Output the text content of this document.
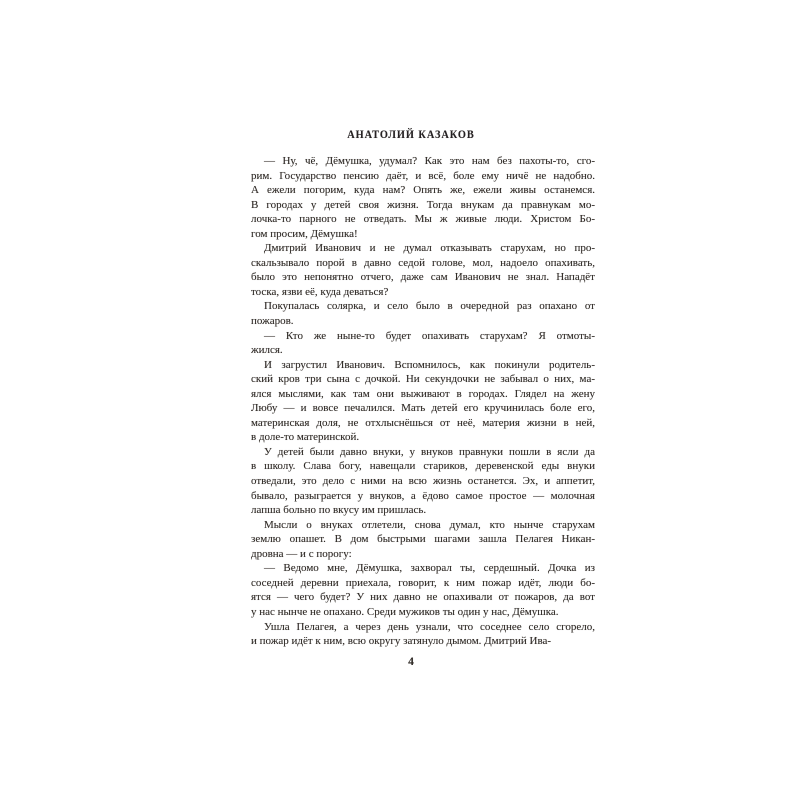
АНАТОЛИЙ КАЗАКОВ

— Ну, чё, Дёмушка, удумал? Как это нам без пахоты-то, сго-
рим. Государство пенсию даёт, и всё, боле ему ничё не надобно.
А ежели погорим, куда нам? Опять же, ежели живы останемся.
В городах у детей своя жизня. Тогда внукам да правнукам мо-
лочка-то парного не отведать. Мы ж живые люди. Христом Бо-
гом просим, Дёмушка!

Дмитрий Иванович и не думал отказывать старухам, но про-
скальзывало порой в давно седой голове, мол, надоело опахивать,
было это непонятно отчего, даже сам Иванович не знал. Нападёт
тоска, язви её, куда деваться?

Покупалась солярка, и село было в очередной раз опахано от
пожаров.

— Кто же ныне-то будет опахивать старухам? Я отмоты-
жился.

И загрустил Иванович. Вспомнилось, как покинули родитель-
ский кров три сына с дочкой. Ни секундочки не забывал о них, ма-
ялся мыслями, как там они выживают в городах. Глядел на жену
Любу — и вовсе печалился. Мать детей его кручинилась боле его,
материнская доля, не отхлыснёшься от неё, материя жизни в ней,
в доле-то материнской.

У детей были давно внуки, у внуков правнуки пошли в ясли да
в школу. Слава богу, навещали стариков, деревенской еды внуки
отведали, это дело с ними на всю жизнь останется. Эх, и аппетит,
бывало, разыграется у внуков, а ёдово самое простое — молочная
лапша больно по вкусу им пришлась.

Мысли о внуках отлетели, снова думал, кто нынче старухам
землю опашет. В дом быстрыми шагами зашла Пелагея Никан-
дровна — и с порогу:

— Ведомо мне, Дёмушка, захворал ты, сердешный. Дочка из
соседней деревни приехала, говорит, к ним пожар идёт, люди бо-
ятся — чего будет? У них давно не опахивали от пожаров, да вот
у нас нынче не опахано. Среди мужиков ты один у нас, Дёмушка.

Ушла Пелагея, а через день узнали, что соседнее село сгорело,
и пожар идёт к ним, всю округу затянуло дымом. Дмитрий Ива-

4
